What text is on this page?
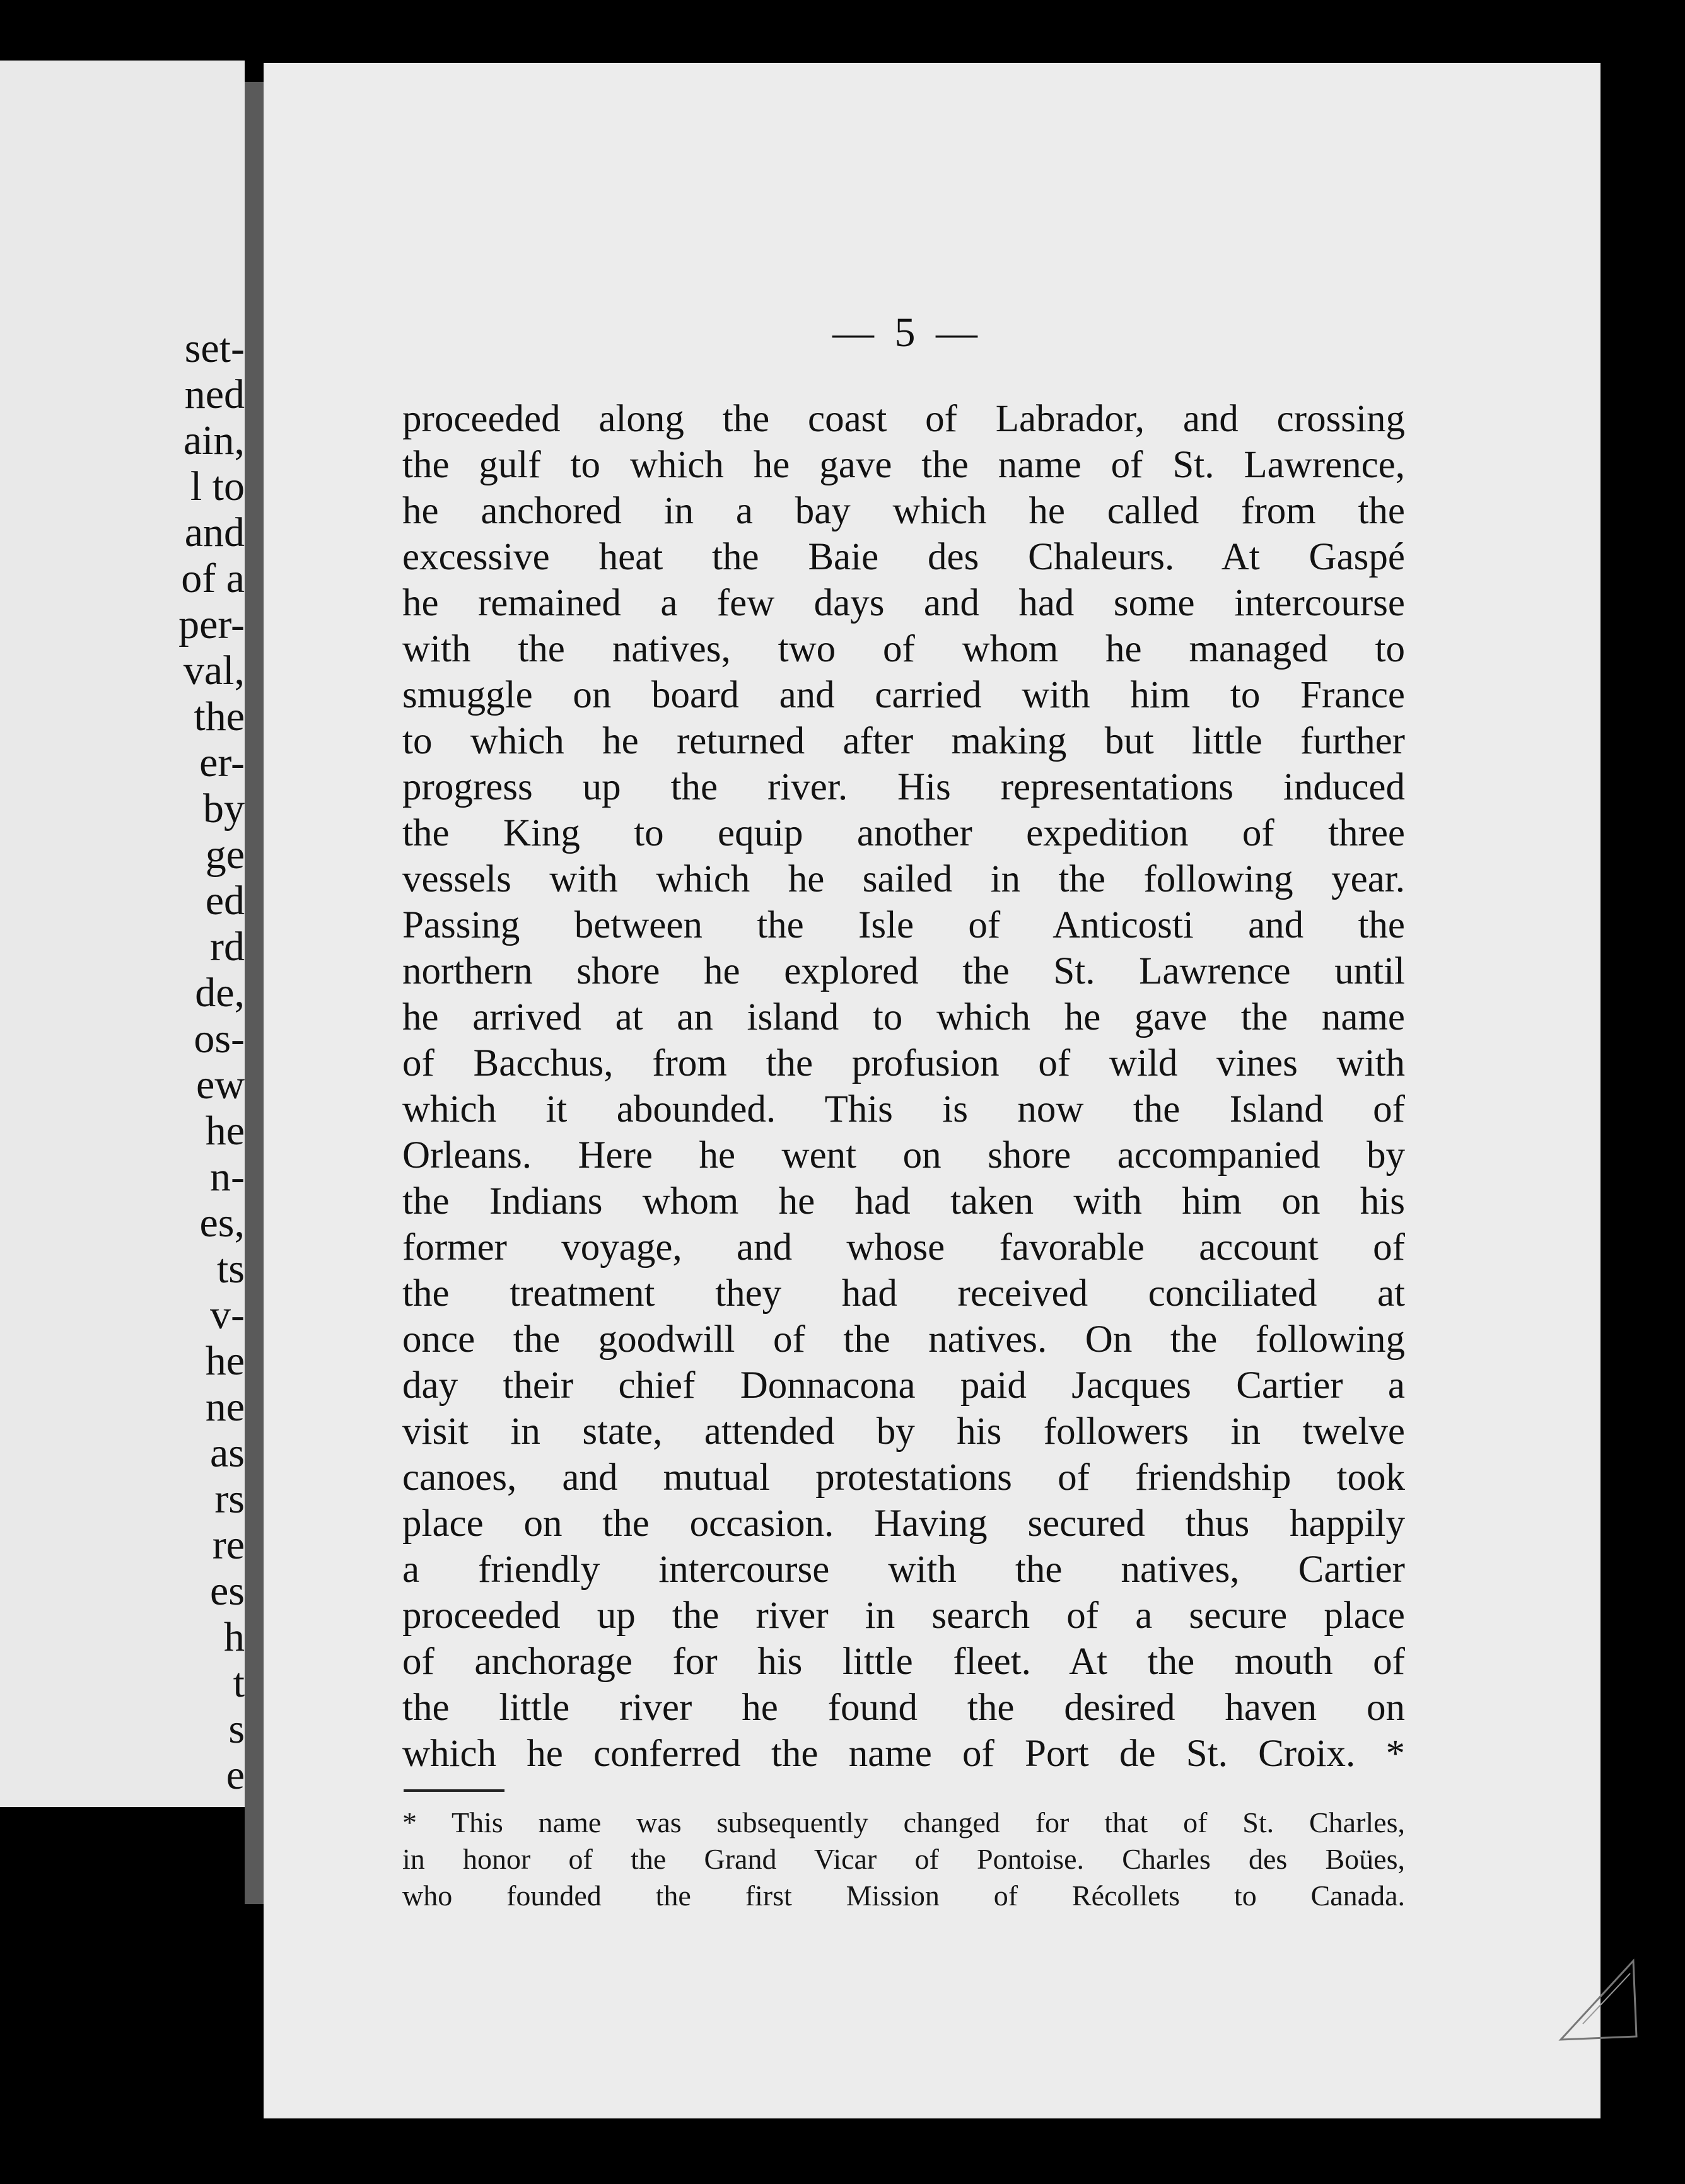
set-
ned
ain,
l to
and
of a
per-
val,
the
er-
by
ge
ed
rd
de,
os-
ew
he
n-
es,
ts
v-
he
ne
as
rs
re
es
h
t
s
e
— 5 —
proceeded along the coast of Labrador, and crossing
the gulf to which he gave the name of St. Lawrence,
he anchored in a bay which he called from the
excessive heat the Baie des Chaleurs. At Gaspé
he remained a few days and had some intercourse
with the natives, two of whom he managed to
smuggle on board and carried with him to France
to which he returned after making but little further
progress up the river. His representations induced
the King to equip another expedition of three
vessels with which he sailed in the following year.
Passing between the Isle of Anticosti and the
northern shore he explored the St. Lawrence until
he arrived at an island to which he gave the name
of Bacchus, from the profusion of wild vines with
which it abounded. This is now the Island of
Orleans. Here he went on shore accompanied by
the Indians whom he had taken with him on his
former voyage, and whose favorable account of
the treatment they had received conciliated at
once the goodwill of the natives. On the following
day their chief Donnacona paid Jacques Cartier a
visit in state, attended by his followers in twelve
canoes, and mutual protestations of friendship took
place on the occasion. Having secured thus happily
a friendly intercourse with the natives, Cartier
proceeded up the river in search of a secure place
of anchorage for his little fleet. At the mouth of
the little river he found the desired haven on
which he conferred the name of Port de St. Croix. *
* This name was subsequently changed for that of St. Charles,
in honor of the Grand Vicar of Pontoise. Charles des Boües,
who founded the first Mission of Récollets to Canada.
